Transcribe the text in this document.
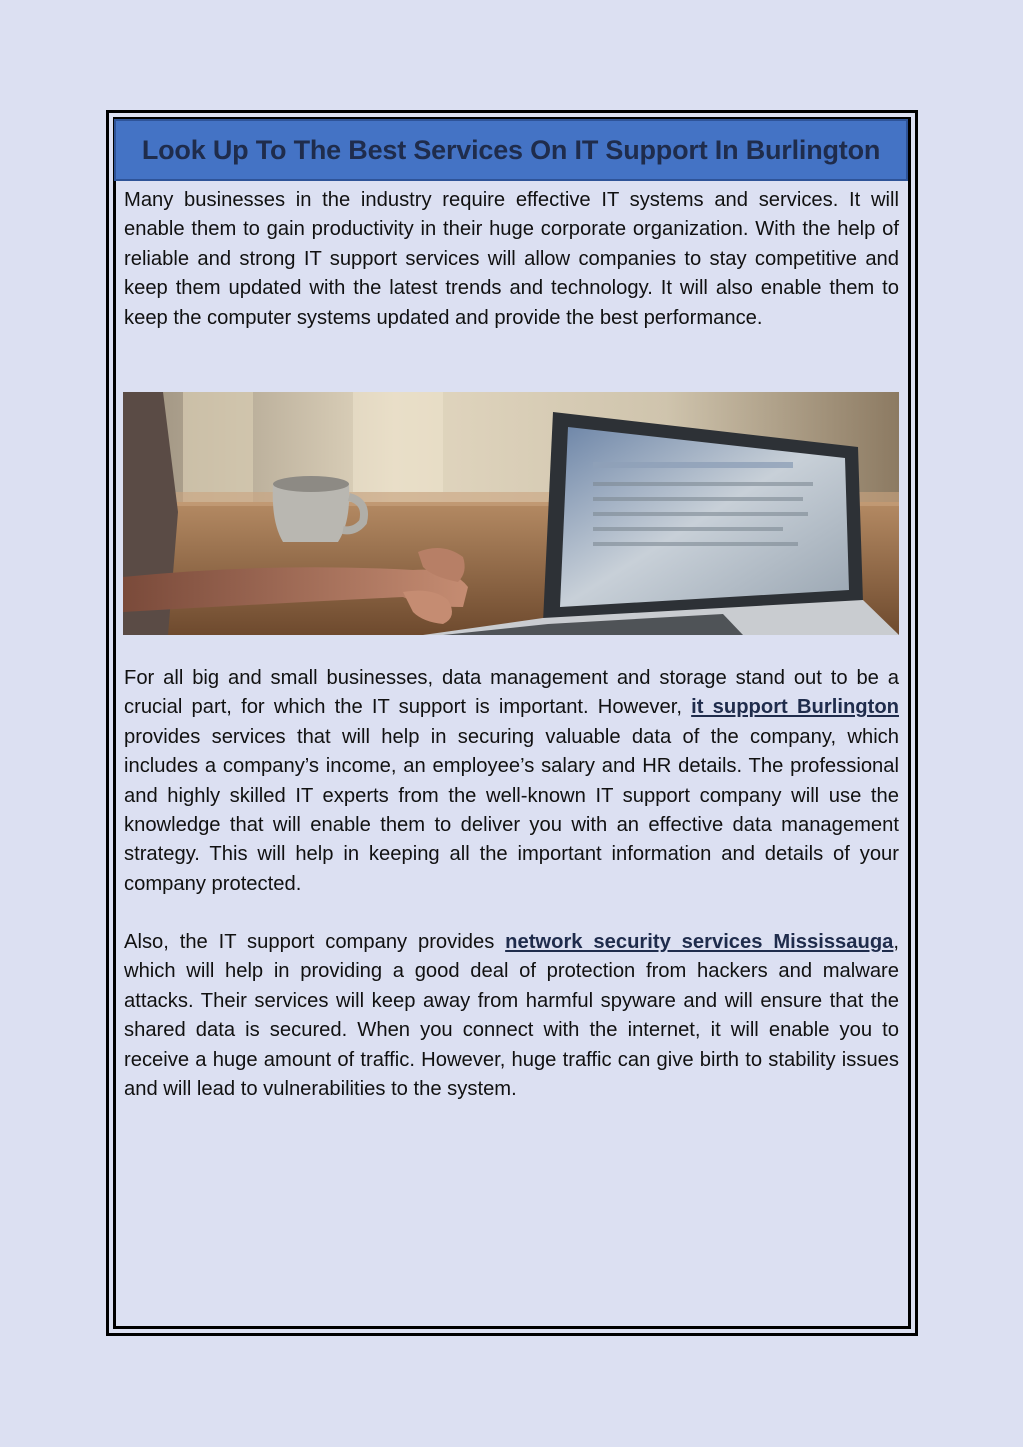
Look Up To The Best Services On IT Support In Burlington

Many businesses in the industry require effective IT systems and services. It will enable them to gain productivity in their huge corporate organization. With the help of reliable and strong IT support services will allow companies to stay competitive and keep them updated with the latest trends and technology. It will also enable them to keep the computer systems updated and provide the best performance.

For all big and small businesses, data management and storage stand out to be a crucial part, for which the IT support is important. However, it support Burlington provides services that will help in securing valuable data of the company, which includes a company’s income, an employee’s salary and HR details. The professional and highly skilled IT experts from the well-known IT support company will use the knowledge that will enable them to deliver you with an effective data management strategy. This will help in keeping all the important information and details of your company protected.

Also, the IT support company provides network security services Mississauga, which will help in providing a good deal of protection from hackers and malware attacks. Their services will keep away from harmful spyware and will ensure that the shared data is secured. When you connect with the internet, it will enable you to receive a huge amount of traffic. However, huge traffic can give birth to stability issues and will lead to vulnerabilities to the system.
